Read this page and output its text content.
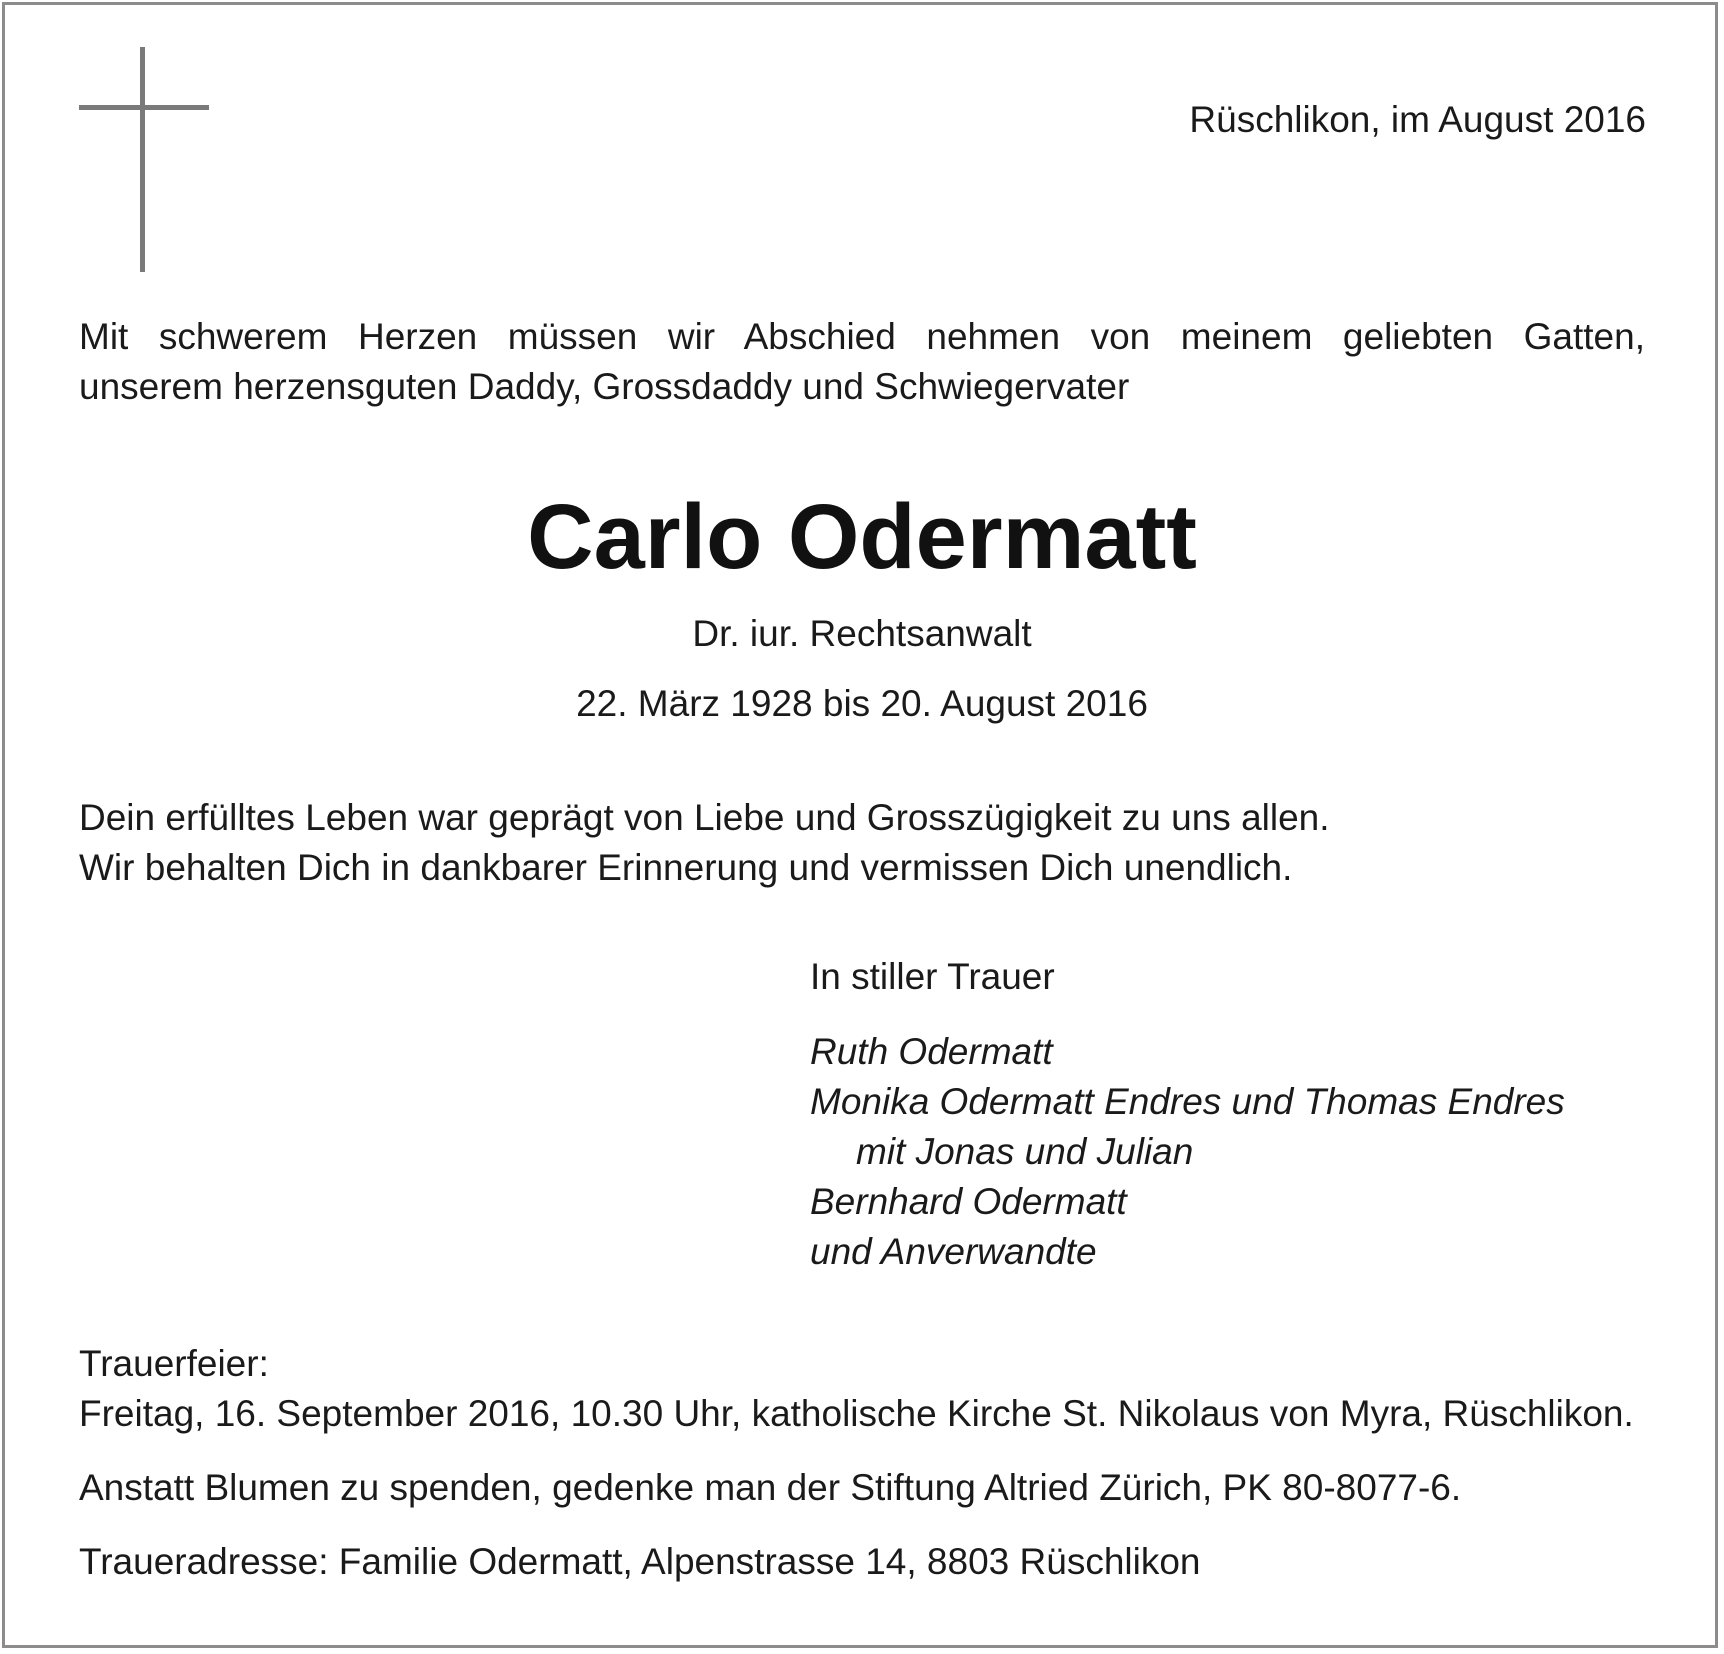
Rüschlikon, im August 2016
Mit schwerem Herzen müssen wir Abschied nehmen von meinem geliebten Gatten,
unserem herzensguten Daddy, Grossdaddy und Schwiegervater
Carlo Odermatt
Dr. iur. Rechtsanwalt
22. März 1928 bis 20. August 2016
Dein erfülltes Leben war geprägt von Liebe und Grosszügigkeit zu uns allen.
Wir behalten Dich in dankbarer Erinnerung und vermissen Dich unendlich.
In stiller Trauer
Ruth Odermatt
Monika Odermatt Endres und Thomas Endres
mit Jonas und Julian
Bernhard Odermatt
und Anverwandte
Trauerfeier:
Freitag, 16. September 2016, 10.30 Uhr, katholische Kirche St. Nikolaus von Myra, Rüschlikon.
Anstatt Blumen zu spenden, gedenke man der Stiftung Altried Zürich, PK 80-8077-6.
Traueradresse: Familie Odermatt, Alpenstrasse 14, 8803 Rüschlikon
